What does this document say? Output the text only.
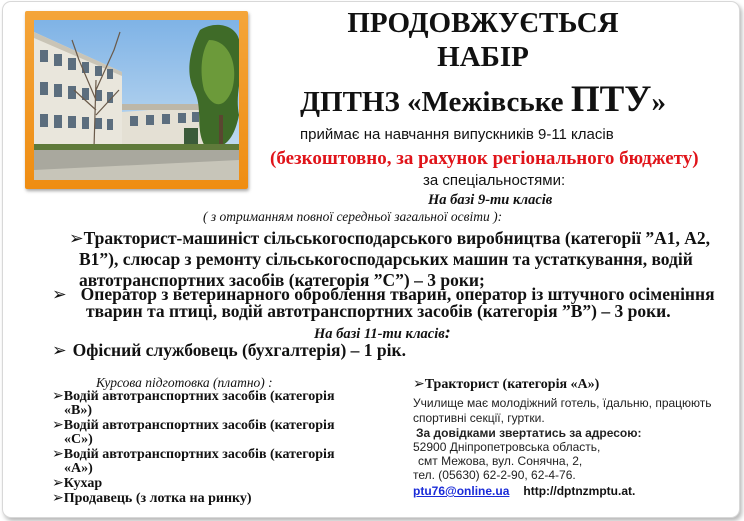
ПРОДОВЖУЄТЬСЯ
НАБІР
ДПТНЗ «Межівське ПТУ»
приймає на навчання випускників 9-11 класів
(безкоштовно, за рахунок регіонального бюджету)
за спеціальностями:
На базі 9-ти класів
( з отриманням повної середньої загальної освіти ):
➢Тракторист-машиніст сільськогосподарського виробництва (категорії ”А1, А2,
В1”), слюсар з ремонту сільськогосподарських машин та устаткування, водій
автотранспортних засобів (категорія ”С”) – 3 роки;
➢ Оператор з ветеринарного оброблення тварин, оператор із штучного осіменіння
тварин та птиці, водій автотранспортних засобів (категорія ”В”) – 3 роки.
На базі 11-ти класів:
➢ Офісний службовець (бухгалтерія) – 1 рік.
Курсова підготовка (платно) :
➢Водій автотранспортних засобів (категорія
«В»)
➢Водій автотранспортних засобів (категорія
«С»)
➢Водій автотранспортних засобів (категорія
«А»)
➢Кухар
➢Продавець (з лотка на ринку)
➢Тракторист (категорія «А»)
Училище має молодіжний готель, їдальню, працюють
спортивні секції, гуртки.
За довідками звертатись за адресою:
52900 Дніпропетровська область,
смт Межова, вул. Сонячна, 2,
тел. (05630) 62-2-90, 62-4-76.
ptu76@online.ua http://dptnzmptu.at.
